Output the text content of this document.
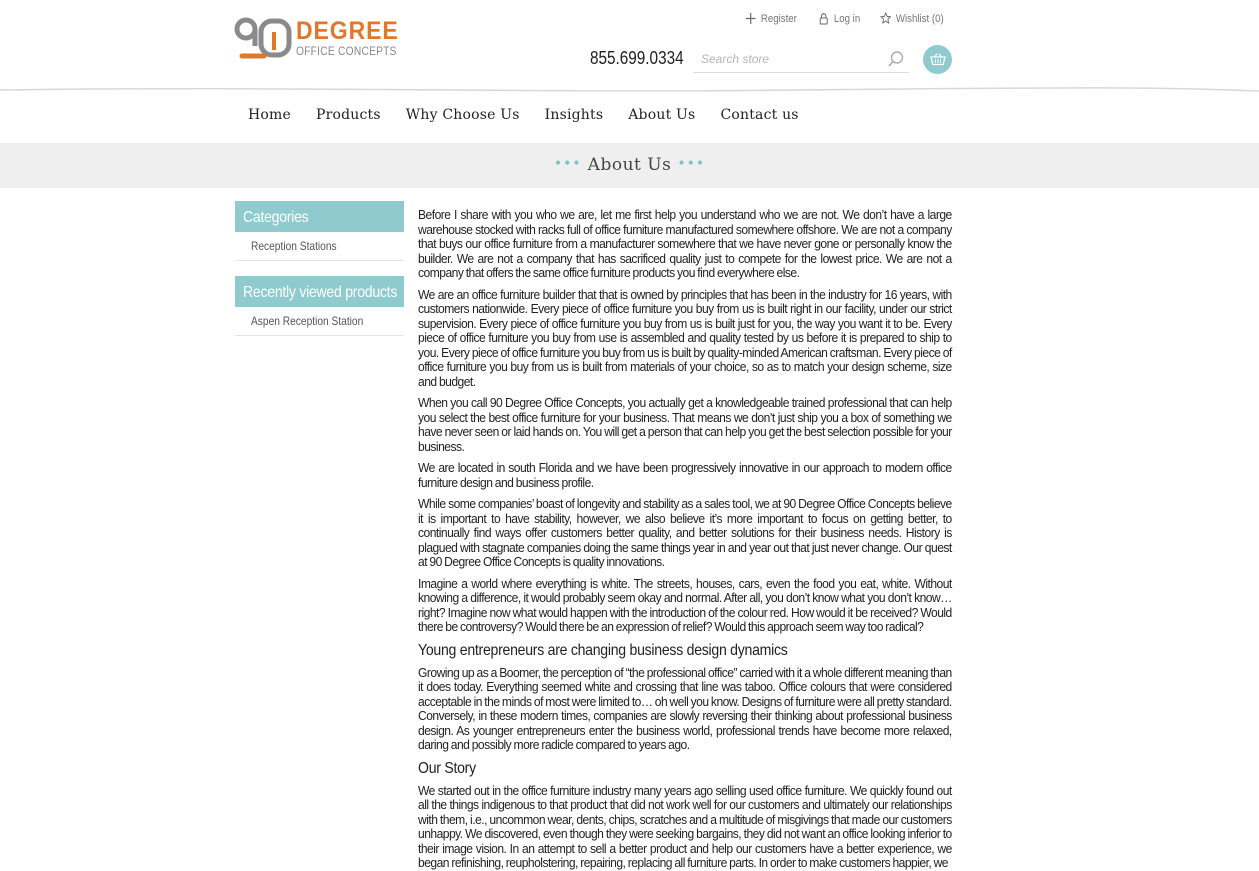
DEGREE
OFFICE CONCEPTS
Register	Log in	Wishlist (0)
855.699.0334
Search store
Home Products Why Choose Us Insights About Us Contact us
••• About Us •••
Categories
Reception Stations
Recently viewed products
Aspen Reception Station

Before I share with you who we are, let me first help you understand who we are not. We don’t have a large warehouse stocked with racks full of office furniture manufactured somewhere offshore. We are not a company that buys our office furniture from a manufacturer somewhere that we have never gone or personally know the builder. We are not a company that has sacrificed quality just to compete for the lowest price. We are not a company that offers the same office furniture products you find everywhere else.

We are an office furniture builder that that is owned by principles that has been in the industry for 16 years, with customers nationwide. Every piece of office furniture you buy from us is built right in our facility, under our strict supervision. Every piece of office furniture you buy from us is built just for you, the way you want it to be. Every piece of office furniture you buy from use is assembled and quality tested by us before it is prepared to ship to you. Every piece of office furniture you buy from us is built by quality-minded American craftsman. Every piece of office furniture you buy from us is built from materials of your choice, so as to match your design scheme, size and budget.

When you call 90 Degree Office Concepts, you actually get a knowledgeable trained professional that can help you select the best office furniture for your business. That means we don’t just ship you a box of something we have never seen or laid hands on. You will get a person that can help you get the best selection possible for your business.

We are located in south Florida and we have been progressively innovative in our approach to modern office furniture design and business profile.

While some companies’ boast of longevity and stability as a sales tool, we at 90 Degree Office Concepts believe it is important to have stability, however, we also believe it’s more important to focus on getting better, to continually find ways offer customers better quality, and better solutions for their business needs. History is plagued with stagnate companies doing the same things year in and year out that just never change. Our quest at 90 Degree Office Concepts is quality innovations.

Imagine a world where everything is white. The streets, houses, cars, even the food you eat, white. Without knowing a difference, it would probably seem okay and normal. After all, you don’t know what you don’t know…right? Imagine now what would happen with the introduction of the colour red. How would it be received? Would there be controversy? Would there be an expression of relief? Would this approach seem way too radical?

Young entrepreneurs are changing business design dynamics

Growing up as a Boomer, the perception of “the professional office” carried with it a whole different meaning than it does today. Everything seemed white and crossing that line was taboo. Office colours that were considered acceptable in the minds of most were limited to… oh well you know. Designs of furniture were all pretty standard. Conversely, in these modern times, companies are slowly reversing their thinking about professional business design. As younger entrepreneurs enter the business world, professional trends have become more relaxed, daring and possibly more radicle compared to years ago.

Our Story

We started out in the office furniture industry many years ago selling used office furniture. We quickly found out all the things indigenous to that product that did not work well for our customers and ultimately our relationships with them, i.e., uncommon wear, dents, chips, scratches and a multitude of misgivings that made our customers unhappy. We discovered, even though they were seeking bargains, they did not want an office looking inferior to their image vision. In an attempt to sell a better product and help our customers have a better experience, we began refinishing, reupholstering, repairing, replacing all furniture parts. In order to make customers happier, we
